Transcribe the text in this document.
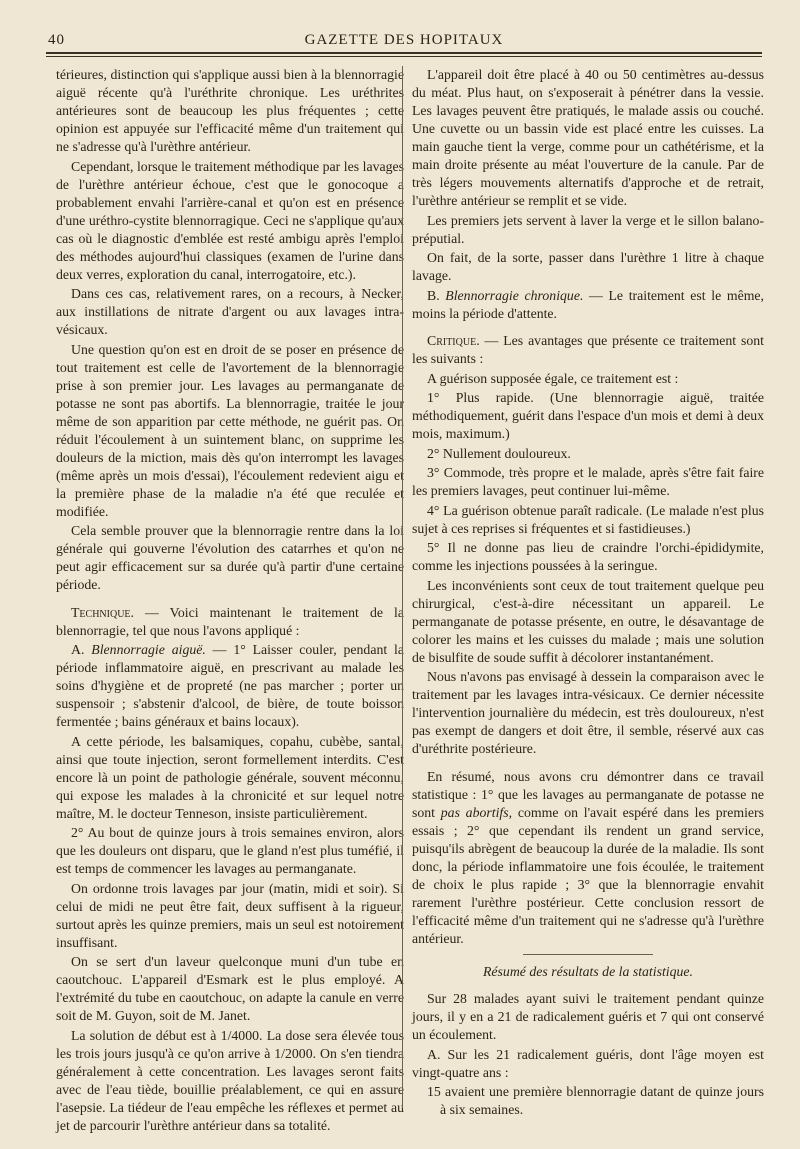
40	GAZETTE DES HOPITAUX

térieures, distinction qui s'applique aussi bien à la blennorragie aiguë récente qu'à l'uréthrite chronique. Les uréthrites antérieures sont de beaucoup les plus fréquentes ; cette opinion est appuyée sur l'efficacité même d'un traitement qui ne s'adresse qu'à l'urèthre antérieur.

Cependant, lorsque le traitement méthodique par les lavages de l'urèthre antérieur échoue, c'est que le gonocoque a probablement envahi l'arrière-canal et qu'on est en présence d'une uréthro-cystite blennorragique. Ceci ne s'applique qu'aux cas où le diagnostic d'emblée est resté ambigu après l'emploi des méthodes aujourd'hui classiques (examen de l'urine dans deux verres, exploration du canal, interrogatoire, etc.).

Dans ces cas, relativement rares, on a recours, à Necker, aux instillations de nitrate d'argent ou aux lavages intra-vésicaux.

Une question qu'on est en droit de se poser en présence de tout traitement est celle de l'avortement de la blennorragie prise à son premier jour. Les lavages au permanganate de potasse ne sont pas abortifs. La blennorragie, traitée le jour même de son apparition par cette méthode, ne guérit pas. On réduit l'écoulement à un suintement blanc, on supprime les douleurs de la miction, mais dès qu'on interrompt les lavages (même après un mois d'essai), l'écoulement redevient aigu et la première phase de la maladie n'a été que reculée et modifiée.

Cela semble prouver que la blennorragie rentre dans la loi générale qui gouverne l'évolution des catarrhes et qu'on ne peut agir efficacement sur sa durée qu'à partir d'une certaine période.

Technique. — Voici maintenant le traitement de la blennorragie, tel que nous l'avons appliqué :

A. Blennorragie aiguë. — 1° Laisser couler, pendant la période inflammatoire aiguë, en prescrivant au malade les soins d'hygiène et de propreté (ne pas marcher ; porter un suspensoir ; s'abstenir d'alcool, de bière, de toute boisson fermentée ; bains généraux et bains locaux).

A cette période, les balsamiques, copahu, cubèbe, santal, ainsi que toute injection, seront formellement interdits. C'est encore là un point de pathologie générale, souvent méconnu, qui expose les malades à la chronicité et sur lequel notre maître, M. le docteur Tenneson, insiste particulièrement.

2° Au bout de quinze jours à trois semaines environ, alors que les douleurs ont disparu, que le gland n'est plus tuméfié, il est temps de commencer les lavages au permanganate.

On ordonne trois lavages par jour (matin, midi et soir). Si celui de midi ne peut être fait, deux suffisent à la rigueur, surtout après les quinze premiers, mais un seul est notoirement insuffisant.

On se sert d'un laveur quelconque muni d'un tube en caoutchouc. L'appareil d'Esmark est le plus employé. A l'extrémité du tube en caoutchouc, on adapte la canule en verre soit de M. Guyon, soit de M. Janet.

La solution de début est à 1/4000. La dose sera élevée tous les trois jours jusqu'à ce qu'on arrive à 1/2000. On s'en tiendra généralement à cette concentration. Les lavages seront faits avec de l'eau tiède, bouillie préalablement, ce qui en assure l'asepsie. La tiédeur de l'eau empêche les réflexes et permet au jet de parcourir l'urèthre antérieur dans sa totalité.

L'appareil doit être placé à 40 ou 50 centimètres au-dessus du méat. Plus haut, on s'exposerait à pénétrer dans la vessie. Les lavages peuvent être pratiqués, le malade assis ou couché. Une cuvette ou un bassin vide est placé entre les cuisses. La main gauche tient la verge, comme pour un cathétérisme, et la main droite présente au méat l'ouverture de la canule. Par de très légers mouvements alternatifs d'approche et de retrait, l'urèthre antérieur se remplit et se vide.

Les premiers jets servent à laver la verge et le sillon balano-préputial.

On fait, de la sorte, passer dans l'urèthre 1 litre à chaque lavage.

B. Blennorragie chronique. — Le traitement est le même, moins la période d'attente.

Critique. — Les avantages que présente ce traitement sont les suivants :

A guérison supposée égale, ce traitement est :

1° Plus rapide. (Une blennorragie aiguë, traitée méthodiquement, guérit dans l'espace d'un mois et demi à deux mois, maximum.)

2° Nullement douloureux.

3° Commode, très propre et le malade, après s'être fait faire les premiers lavages, peut continuer lui-même.

4° La guérison obtenue paraît radicale. (Le malade n'est plus sujet à ces reprises si fréquentes et si fastidieuses.)

5° Il ne donne pas lieu de craindre l'orchi-épididymite, comme les injections poussées à la seringue.

Les inconvénients sont ceux de tout traitement quelque peu chirurgical, c'est-à-dire nécessitant un appareil. Le permanganate de potasse présente, en outre, le désavantage de colorer les mains et les cuisses du malade ; mais une solution de bisulfite de soude suffit à décolorer instantanément.

Nous n'avons pas envisagé à dessein la comparaison avec le traitement par les lavages intra-vésicaux. Ce dernier nécessite l'intervention journalière du médecin, est très douloureux, n'est pas exempt de dangers et doit être, il semble, réservé aux cas d'uréthrite postérieure.

En résumé, nous avons cru démontrer dans ce travail statistique : 1° que les lavages au permanganate de potasse ne sont pas abortifs, comme on l'avait espéré dans les premiers essais ; 2° que cependant ils rendent un grand service, puisqu'ils abrègent de beaucoup la durée de la maladie. Ils sont donc, la période inflammatoire une fois écoulée, le traitement de choix le plus rapide ; 3° que la blennorragie envahit rarement l'urèthre postérieur. Cette conclusion ressort de l'efficacité même d'un traitement qui ne s'adresse qu'à l'urèthre antérieur.

Résumé des résultats de la statistique.

Sur 28 malades ayant suivi le traitement pendant quinze jours, il y en a 21 de radicalement guéris et 7 qui ont conservé un écoulement.

A. Sur les 21 radicalement guéris, dont l'âge moyen est vingt-quatre ans :

15 avaient une première blennorragie datant de quinze jours à six semaines.
